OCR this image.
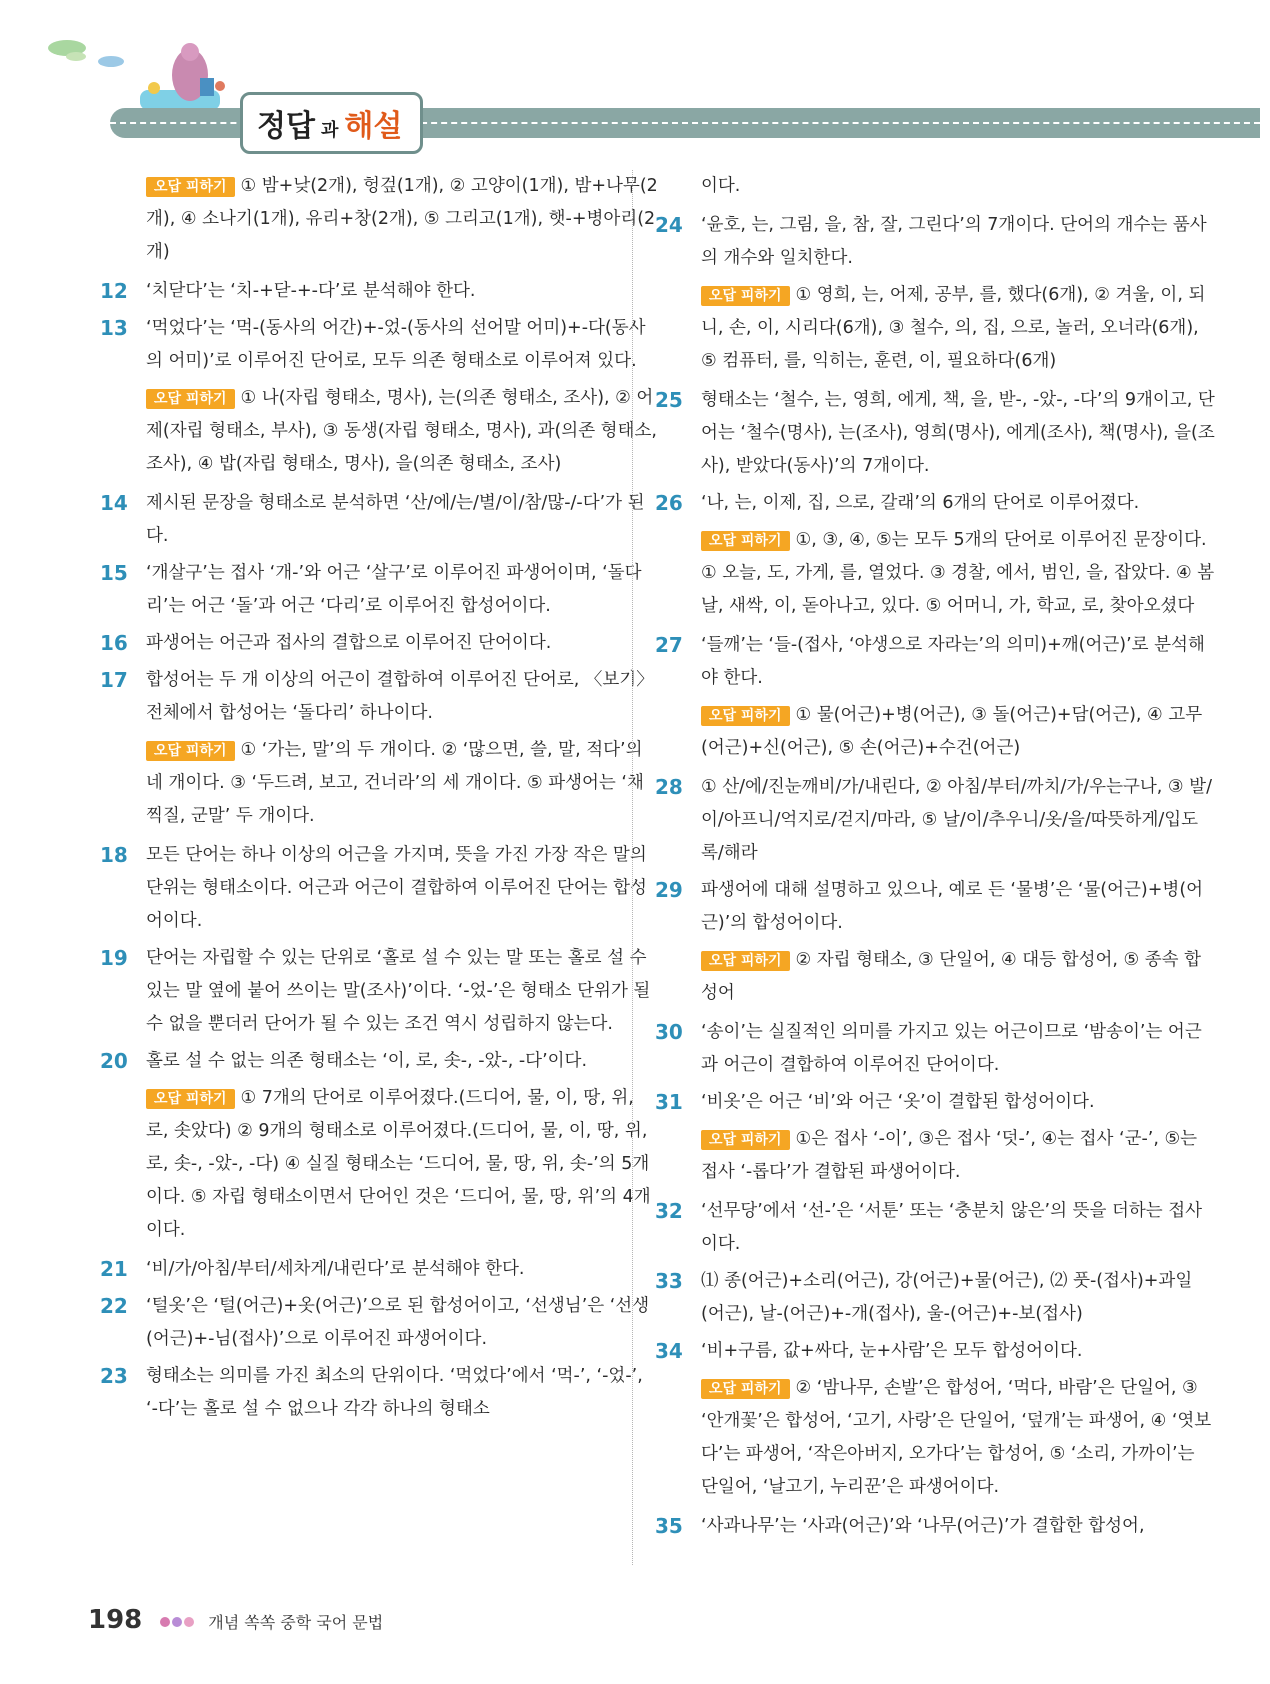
정답 과 해설
오답 피하기 ① 밤+낮(2개), 헝겊(1개), ② 고양이(1개), 밤+나무(2개), ④ 소나기(1개), 유리+창(2개), ⑤ 그리고(1개), 햇-+병아리(2개)
12	‘치닫다’는 ‘치-+닫-+-다’로 분석해야 한다.
13	‘먹었다’는 ‘먹-(동사의 어간)+-었-(동사의 선어말 어미)+-다(동사의 어미)’로 이루어진 단어로, 모두 의존 형태소로 이루어져 있다.
오답 피하기 ① 나(자립 형태소, 명사), 는(의존 형태소, 조사), ② 어제(자립 형태소, 부사), ③ 동생(자립 형태소, 명사), 과(의존 형태소, 조사), ④ 밥(자립 형태소, 명사), 을(의존 형태소, 조사)
14	제시된 문장을 형태소로 분석하면 ‘산/에/는/별/이/참/많-/-다’가 된다.
15	‘개살구’는 접사 ‘개-’와 어근 ‘살구’로 이루어진 파생어이며, ‘돌다리’는 어근 ‘돌’과 어근 ‘다리’로 이루어진 합성어이다.
16	파생어는 어근과 접사의 결합으로 이루어진 단어이다.
17	합성어는 두 개 이상의 어근이 결합하여 이루어진 단어로, 〈보기〉 전체에서 합성어는 ‘돌다리’ 하나이다.
오답 피하기 ① ‘가는, 말’의 두 개이다. ② ‘많으면, 쓸, 말, 적다’의 네 개이다. ③ ‘두드려, 보고, 건너라’의 세 개이다. ⑤ 파생어는 ‘채찍질, 군말’ 두 개이다.
18	모든 단어는 하나 이상의 어근을 가지며, 뜻을 가진 가장 작은 말의 단위는 형태소이다. 어근과 어근이 결합하여 이루어진 단어는 합성어이다.
19	단어는 자립할 수 있는 단위로 ‘홀로 설 수 있는 말 또는 홀로 설 수 있는 말 옆에 붙어 쓰이는 말(조사)’이다. ‘-었-’은 형태소 단위가 될 수 없을 뿐더러 단어가 될 수 있는 조건 역시 성립하지 않는다.
20	홀로 설 수 없는 의존 형태소는 ‘이, 로, 솟-, -았-, -다’이다.
오답 피하기 ① 7개의 단어로 이루어졌다.(드디어, 물, 이, 땅, 위, 로, 솟았다) ② 9개의 형태소로 이루어졌다.(드디어, 물, 이, 땅, 위, 로, 솟-, -았-, -다) ④ 실질 형태소는 ‘드디어, 물, 땅, 위, 솟-’의 5개이다. ⑤ 자립 형태소이면서 단어인 것은 ‘드디어, 물, 땅, 위’의 4개이다.
21	‘비/가/아침/부터/세차게/내린다’로 분석해야 한다.
22	‘털옷’은 ‘털(어근)+옷(어근)’으로 된 합성어이고, ‘선생님’은 ‘선생(어근)+-님(접사)’으로 이루어진 파생어이다.
23	형태소는 의미를 가진 최소의 단위이다. ‘먹었다’에서 ‘먹-’, ‘-었-’, ‘-다’는 홀로 설 수 없으나 각각 하나의 형태소
이다.
24	‘윤호, 는, 그림, 을, 참, 잘, 그린다’의 7개이다. 단어의 개수는 품사의 개수와 일치한다.
오답 피하기 ① 영희, 는, 어제, 공부, 를, 했다(6개), ② 겨울, 이, 되니, 손, 이, 시리다(6개), ③ 철수, 의, 집, 으로, 놀러, 오너라(6개), ⑤ 컴퓨터, 를, 익히는, 훈련, 이, 필요하다(6개)
25	형태소는 ‘철수, 는, 영희, 에게, 책, 을, 받-, -았-, -다’의 9개이고, 단어는 ‘철수(명사), 는(조사), 영희(명사), 에게(조사), 책(명사), 을(조사), 받았다(동사)’의 7개이다.
26	‘나, 는, 이제, 집, 으로, 갈래’의 6개의 단어로 이루어졌다.
오답 피하기 ①, ③, ④, ⑤는 모두 5개의 단어로 이루어진 문장이다. ① 오늘, 도, 가게, 를, 열었다. ③ 경찰, 에서, 범인, 을, 잡았다. ④ 봄날, 새싹, 이, 돋아나고, 있다. ⑤ 어머니, 가, 학교, 로, 찾아오셨다
27	‘들깨’는 ‘들-(접사, ‘야생으로 자라는’의 의미)+깨(어근)’로 분석해야 한다.
오답 피하기 ① 물(어근)+병(어근), ③ 돌(어근)+담(어근), ④ 고무(어근)+신(어근), ⑤ 손(어근)+수건(어근)
28	① 산/에/진눈깨비/가/내린다, ② 아침/부터/까치/가/우는구나, ③ 발/이/아프니/억지로/걷지/마라, ⑤ 날/이/추우니/옷/을/따뜻하게/입도록/해라
29	파생어에 대해 설명하고 있으나, 예로 든 ‘물병’은 ‘물(어근)+병(어근)’의 합성어이다.
오답 피하기 ② 자립 형태소, ③ 단일어, ④ 대등 합성어, ⑤ 종속 합성어
30	‘송이’는 실질적인 의미를 가지고 있는 어근이므로 ‘밤송이’는 어근과 어근이 결합하여 이루어진 단어이다.
31	‘비옷’은 어근 ‘비’와 어근 ‘옷’이 결합된 합성어이다.
오답 피하기 ①은 접사 ‘-이’, ③은 접사 ‘덧-’, ④는 접사 ‘군-’, ⑤는 접사 ‘-롭다’가 결합된 파생어이다.
32	‘선무당’에서 ‘선-’은 ‘서툰’ 또는 ‘충분치 않은’의 뜻을 더하는 접사이다.
33	⑴ 종(어근)+소리(어근), 강(어근)+물(어근), ⑵ 풋-(접사)+과일(어근), 날-(어근)+-개(접사), 울-(어근)+-보(접사)
34	‘비+구름, 값+싸다, 눈+사람’은 모두 합성어이다.
오답 피하기 ② ‘밤나무, 손발’은 합성어, ‘먹다, 바람’은 단일어, ③ ‘안개꽃’은 합성어, ‘고기, 사랑’은 단일어, ‘덮개’는 파생어, ④ ‘엿보다’는 파생어, ‘작은아버지, 오가다’는 합성어, ⑤ ‘소리, 가까이’는 단일어, ‘날고기, 누리꾼’은 파생어이다.
35	‘사과나무’는 ‘사과(어근)’와 ‘나무(어근)’가 결합한 합성어,
198	개념 쏙쏙 중학 국어 문법
